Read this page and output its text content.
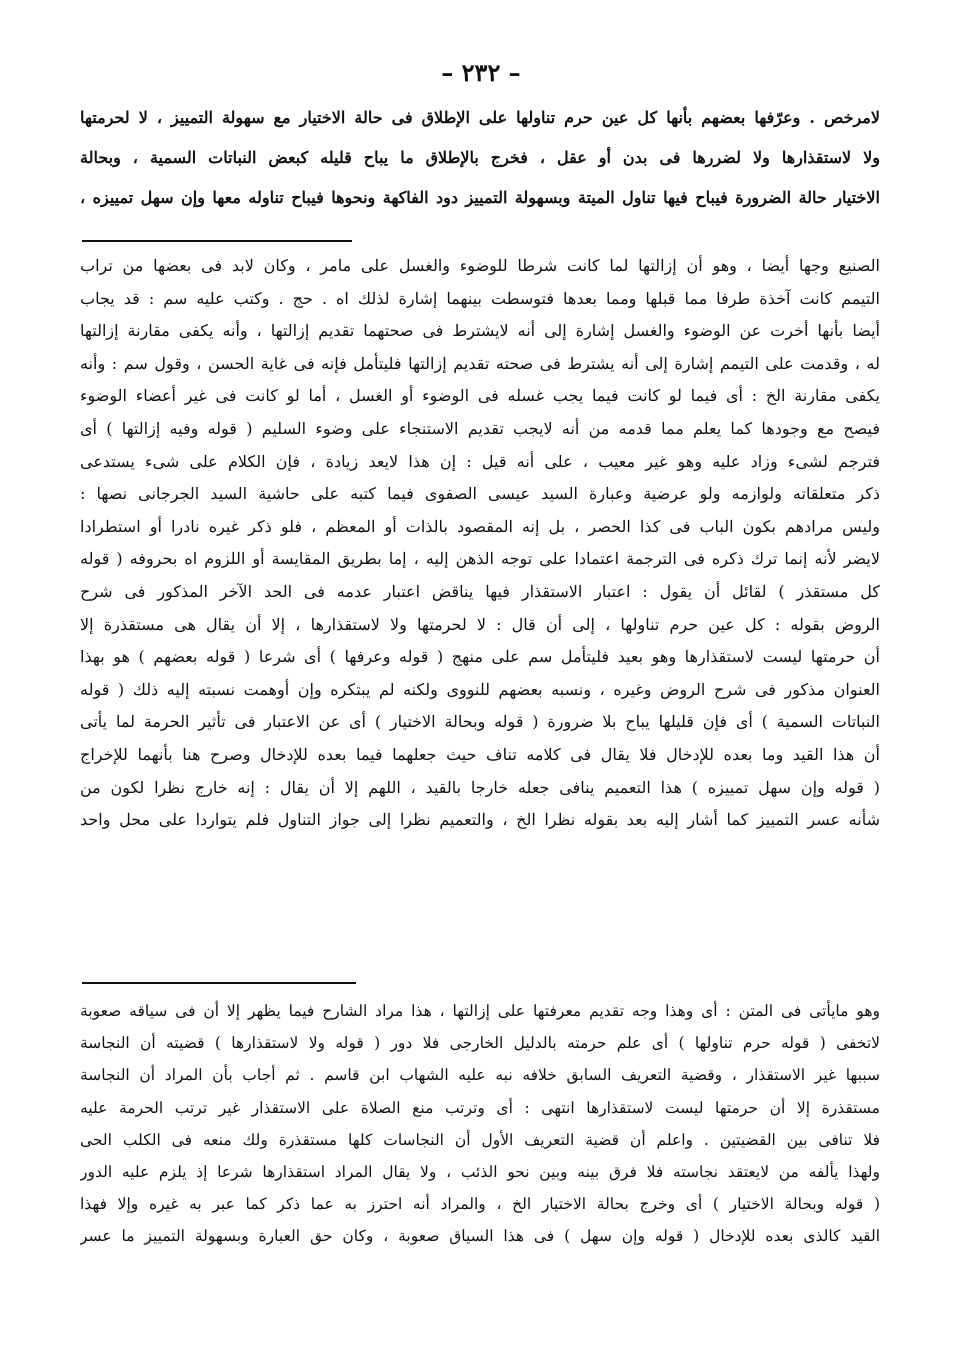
– ٢٣٢ –
لامرخص . وعرّفها بعضهم بأنها كل عين حرم تناولها على الإطلاق فى حالة الاختيار مع سهولة التمييز ، لا لحرمتها
ولا لاستقذارها ولا لضررها فى بدن أو عقل ، فخرج بالإطلاق ما يباح قليله كبعض النباتات السمية ، وبحالة
الاختيار حالة الضرورة فيباح فيها تناول الميتة وبسهولة التمييز دود الفاكهة ونحوها فيباح تناوله معها وإن سهل تمييزه ،
الصنيع وجها أيضا ، وهو أن إزالتها لما كانت شرطا للوضوء والغسل على مامر ، وكان لابد فى بعضها من تراب
التيمم كانت آخذة طرفا مما قبلها ومما بعدها فتوسطت بينهما إشارة لذلك اه . حج . وكتب عليه سم : قد يجاب
أيضا بأنها أخرت عن الوضوء والغسل إشارة إلى أنه لايشترط فى صحتهما تقديم إزالتها ، وأنه يكفى مقارنة إزالتها
له ، وقدمت على التيمم إشارة إلى أنه يشترط فى صحته تقديم إزالتها فليتأمل فإنه فى غاية الحسن ، وقول سم : وأنه
يكفى مقارنة الخ : أى فيما لو كانت فيما يجب غسله فى الوضوء أو الغسل ، أما لو كانت فى غير أعضاء الوضوء
فيصح مع وجودها كما يعلم مما قدمه من أنه لايجب تقديم الاستنجاء على وضوء السليم ( قوله وفيه إزالتها ) أى
فترجم لشىء وزاد عليه وهو غير معيب ، على أنه قيل : إن هذا لايعد زيادة ، فإن الكلام على شىء يستدعى
ذكر متعلقاته ولوازمه ولو عرضية وعبارة السيد عيسى الصفوى فيما كتبه على حاشية السيد الجرجانى نصها :
وليس مرادهم بكون الباب فى كذا الحصر ، بل إنه المقصود بالذات أو المعظم ، فلو ذكر غيره نادرا أو استطرادا
لايضر لأنه إنما ترك ذكره فى الترجمة اعتمادا على توجه الذهن إليه ، إما بطريق المقايسة أو اللزوم اه بحروفه ( قوله
كل مستقذر ) لقائل أن يقول : اعتبار الاستقذار فيها يناقض اعتبار عدمه فى الحد الآخر المذكور فى شرح
الروض بقوله : كل عين حرم تناولها ، إلى أن قال : لا لحرمتها ولا لاستقذارها ، إلا أن يقال هى مستقذرة إلا
أن حرمتها ليست لاستقذارها وهو بعيد فليتأمل سم على منهج ( قوله وعرفها ) أى شرعا ( قوله بعضهم ) هو بهذا
العنوان مذكور فى شرح الروض وغيره ، ونسبه بعضهم للنووى ولكنه لم يبتكره وإن أوهمت نسبته إليه ذلك ( قوله
النباتات السمية ) أى فإن قليلها يباح بلا ضرورة ( قوله وبحالة الاختيار ) أى عن الاعتبار فى تأثير الحرمة لما يأتى
أن هذا القيد وما بعده للإدخال فلا يقال فى كلامه تناف حيث جعلهما فيما بعده للإدخال وصرح هنا بأنهما للإخراج
( قوله وإن سهل تمييزه ) هذا التعميم ينافى جعله خارجا بالقيد ، اللهم إلا أن يقال : إنه خارج نظرا لكون من
شأنه عسر التمييز كما أشار إليه بعد بقوله نظرا الخ ، والتعميم نظرا إلى جواز التناول فلم يتواردا على محل واحد
وهو مايأتى فى المتن : أى وهذا وجه تقديم معرفتها على إزالتها ، هذا مراد الشارح فيما يظهر إلا أن فى سياقه صعوبة
لاتخفى ( قوله حرم تناولها ) أى علم حرمته بالدليل الخارجى فلا دور ( قوله ولا لاستقذارها ) قضيته أن النجاسة
سببها غير الاستقذار ، وقضية التعريف السابق خلافه نبه عليه الشهاب ابن قاسم . ثم أجاب بأن المراد أن النجاسة
مستقذرة إلا أن حرمتها ليست لاستقذارها انتهى : أى وترتب منع الصلاة على الاستقذار غير ترتب الحرمة عليه
فلا تنافى بين القضيتين . واعلم أن قضية التعريف الأول أن النجاسات كلها مستقذرة ولك منعه فى الكلب الحى
ولهذا يألفه من لايعتقد نجاسته فلا فرق بينه وبين نحو الذئب ، ولا يقال المراد استقذارها شرعا إذ يلزم عليه الدور
( قوله وبحالة الاختيار ) أى وخرج بحالة الاختيار الخ ، والمراد أنه احترز به عما ذكر كما عبر به غيره وإلا فهذا
القيد كالذى بعده للإدخال ( قوله وإن سهل ) فى هذا السياق صعوبة ، وكان حق العبارة وبسهولة التمييز ما عسر
